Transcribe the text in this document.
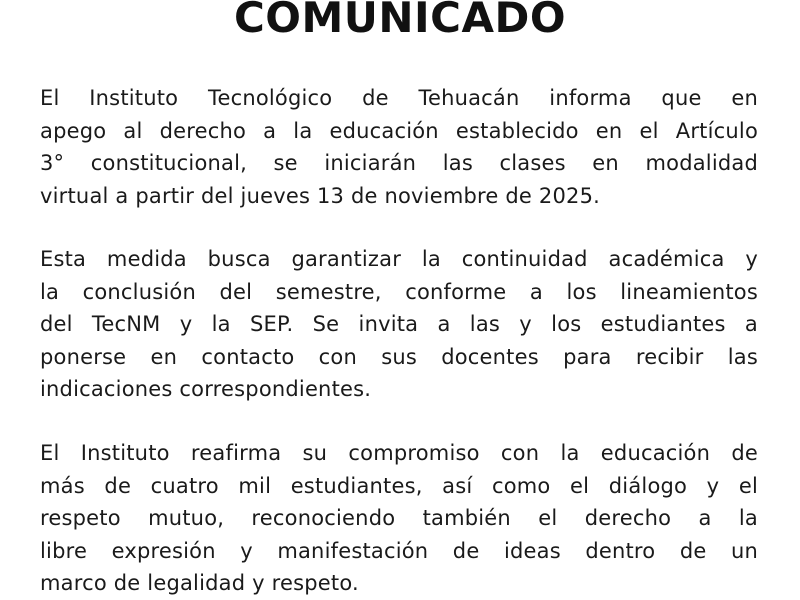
COMUNICADO
El Instituto Tecnológico de Tehuacán informa que en
apego al derecho a la educación establecido en el Artículo
3° constitucional, se iniciarán las clases en modalidad
virtual a partir del jueves 13 de noviembre de 2025.
Esta medida busca garantizar la continuidad académica y
la conclusión del semestre, conforme a los lineamientos
del TecNM y la SEP. Se invita a las y los estudiantes a
ponerse en contacto con sus docentes para recibir las
indicaciones correspondientes.
El Instituto reafirma su compromiso con la educación de
más de cuatro mil estudiantes, así como el diálogo y el
respeto mutuo, reconociendo también el derecho a la
libre expresión y manifestación de ideas dentro de un
marco de legalidad y respeto.
